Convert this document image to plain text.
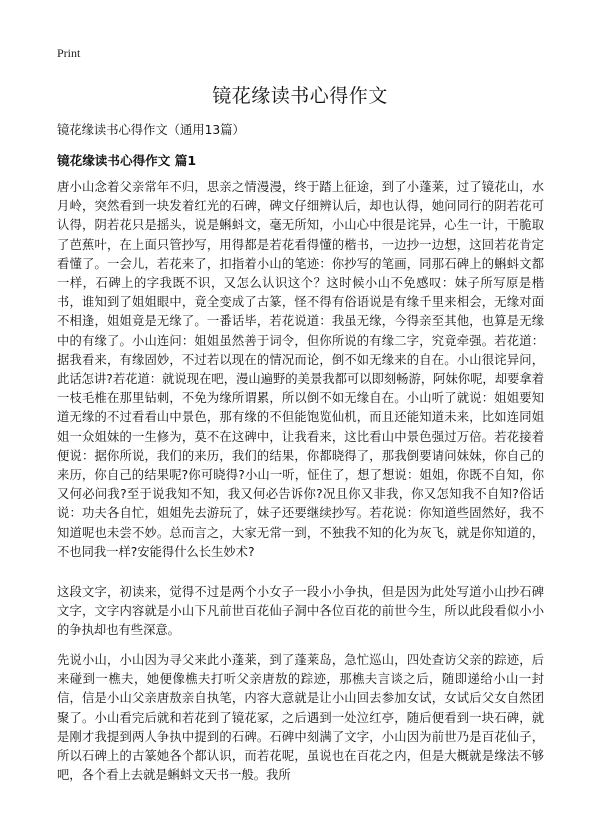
Print
镜花缘读书心得作文
镜花缘读书心得作文（通用13篇）
镜花缘读书心得作文 篇1

唐小山念着父亲常年不归，思亲之情漫漫，终于踏上征途，到了小蓬莱，过了镜花山，水月岭，突然看到一块发着红光的石碑，碑文仔细辨认后，却也认得，她问同行的阴若花可认得，阴若花只是摇头，说是蝌蚪文，毫无所知，小山心中很是诧异，心生一计，干脆取了芭蕉叶，在上面只管抄写，用得都是若花看得懂的楷书，一边抄一边想，这回若花肯定看懂了。一会儿，若花来了，扣指着小山的笔迹：你抄写的笔画，同那石碑上的蝌蚪文都一样，石碑上的字我既不识，又怎么认识这个？这时候小山不免感叹：妹子所写原是楷书，谁知到了姐姐眼中，竟全变成了古篆，怪不得有俗语说是有缘千里来相会，无缘对面不相逢，姐姐竟是无缘了。一番话毕，若花说道：我虽无缘，今得亲至其他，也算是无缘中的有缘了。小山连问：姐姐虽然善于词令，但你所说的有缘二字，究竟牵强。若花道：据我看来，有缘固妙，不过若以现在的情况而论，倒不如无缘来的自在。小山很诧异问，此话怎讲?若花道：就说现在吧，漫山遍野的美景我都可以即刻畅游，阿妹你呢，却要拿着一枝毛椎在那里钻刺，不免为缘所谓累，所以倒不如无缘自在。小山听了就说：姐姐要知道无缘的不过看看山中景色，那有缘的不但能饱览仙机，而且还能知道未来，比如连同姐姐一众姐妹的一生修为，莫不在这碑中，让我看来，这比看山中景色强过万倍。若花接着便说：据你所说，我们的来历，我们的结果，你都晓得了，那我倒要请问妹妹，你自己的来历，你自己的结果呢?你可晓得?小山一听，怔住了，想了想说：姐姐，你既不自知，你又何必问我?至于说我知不知，我又何必告诉你?况且你又非我，你又怎知我不自知?俗话说：功夫各自忙，姐姐先去游玩了，妹子还要继续抄写。若花说：你知道些固然好，我不知道呢也未尝不妙。总而言之，大家无常一到，不独我不知的化为灰飞，就是你知道的，不也同我一样?安能得什么长生妙术?

这段文字，初读来，觉得不过是两个小女子一段小小争执，但是因为此处写道小山抄石碑文字，文字内容就是小山下凡前世百花仙子洞中各位百花的前世今生，所以此段看似小小的争执却也有些深意。

先说小山，小山因为寻父来此小蓬莱，到了蓬莱岛，急忙巡山，四处查访父亲的踪迹，后来碰到一樵夫，她便像樵夫打听父亲唐敖的踪迹，那樵夫言谈之后，随即递给小山一封信，信是小山父亲唐敖亲自执笔，内容大意就是让小山回去参加女试，女试后父女自然团聚了。小山看完后就和若花到了镜花冢，之后遇到一处泣红亭，随后便看到一块石碑，就是刚才我提到两人争执中提到的石碑。石碑中刻满了文字，小山因为前世乃是百花仙子，所以石碑上的古篆她各个都认识，而若花呢，虽说也在百花之内，但是大概就是缘法不够吧，各个看上去就是蝌蚪文天书一般。我所
